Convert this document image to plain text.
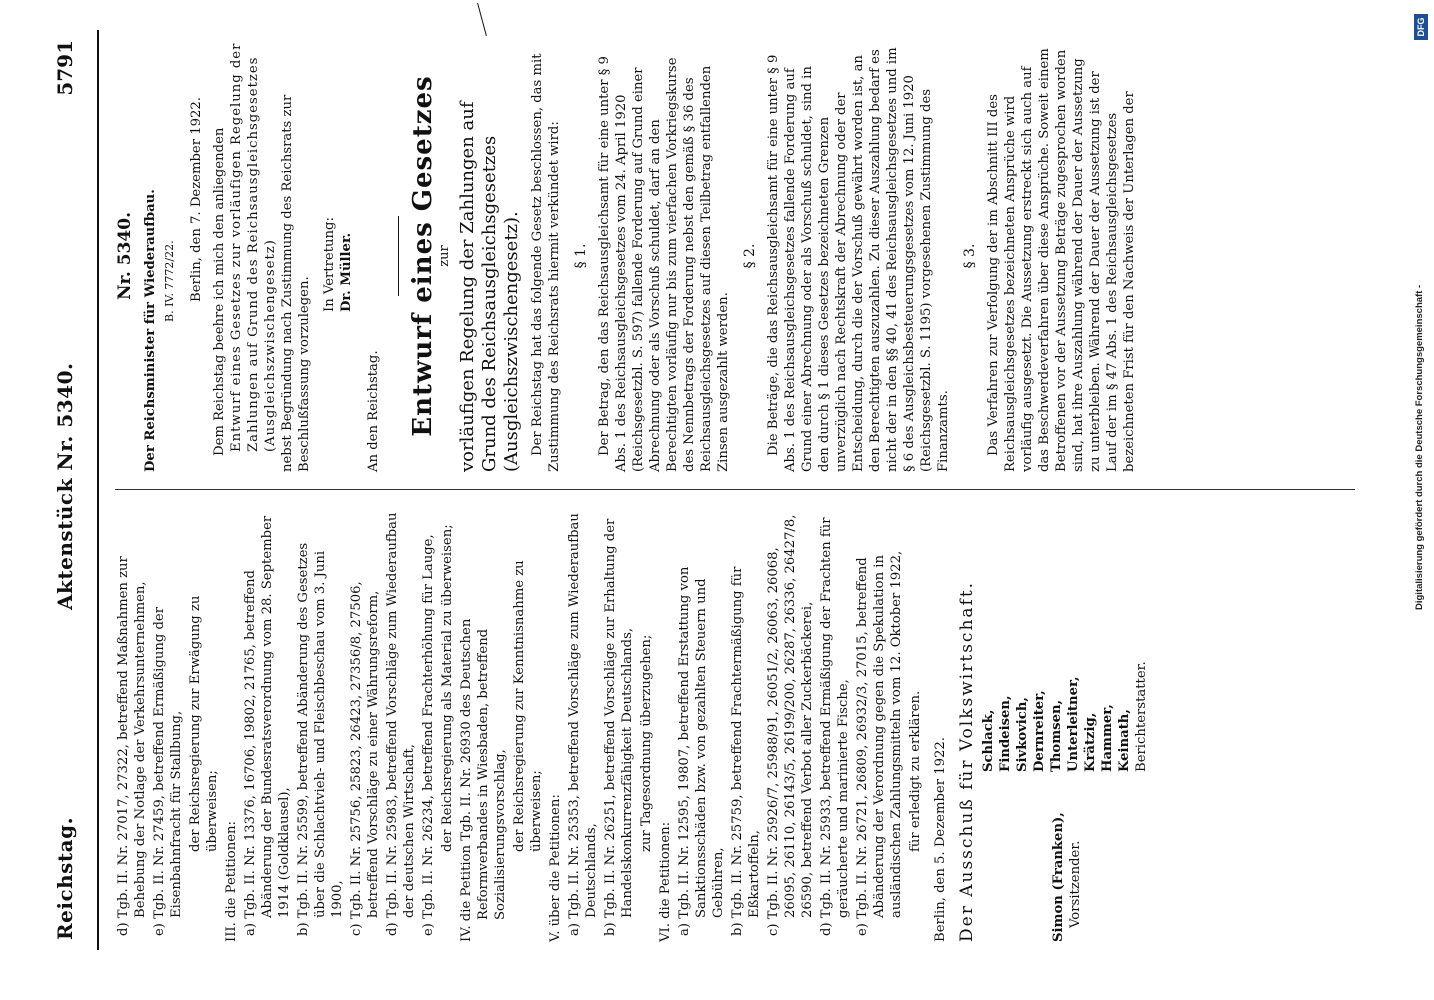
Reichstag.
Aktenstück Nr. 5340.
5791
d) Tgb. II. Nr. 27017, 27322, betreffend Maßnahmen zur Behebung der Notlage der Verkehrsunternehmen, e) Tgb. II. Nr. 27459, betreffend Ermäßigung der Eisenbahnfracht für Stallbung, der Reichsregierung zur Erwägung zu überweisen;
III. die Petitionen: a) Tgb. II. Nr. 13376, 16706, 19802, 21765, betreffend Abänderung der Bundesratsverordnung vom 28. September 1914 (Goldklausel), b) Tgb. II. Nr. 25599, betreffend Abänderung des Gesetzes über die Schlachtvieh- und Fleischbeschau vom 3. Juni 1900, c) Tgb. II. Nr. 25756, 25823, 26423, 27356/8, 27506, betreffend Vorschläge zu einer Währungsreform, d) Tgb. II. Nr. 25983, betreffend Vorschläge zum Wiederaufbau der deutschen Wirtschaft, e) Tgb. II. Nr. 26234, betreffend Frachterhöhung für Lauge, der Reichsregierung als Material zu überweisen; IV. die Petition Tgb. II. Nr. 26930 des Deutschen Reformverbandes in Wiesbaden, betreffend Sozialisierungsvorschlag, der Reichsregierung zur Kenntnisnahme zu überweisen; V. über die Petitionen: a) Tgb. II. Nr. 25353, betreffend Vorschläge zum Wiederaufbau Deutschlands, b) Tgb. II. Nr. 26251, betreffend Vorschläge zur Erhaltung der Handelskonkurrenzfähigkeit Deutschlands, zur Tagesordnung überzugehen;
VI. die Petitionen: a) Tgb. II. Nr. 12595, 19807, betreffend Erstattung von Sanktionsschäden bzw. von gezahlten Steuern und Gebühren, b) Tgb. II. Nr. 25759, betreffend Frachtermäßigung für Eßkartoffeln, c) Tgb. II. Nr. 25926/7, 25988/91, 26051/2, 26063, 26068, 26095, 26110, 26143/5, 26199/200, 26287, 26336, 26427/8, 26590, betreffend Verbot aller Zuckerbäckerei, d) Tgb. II. Nr. 25933, betreffend Ermäßigung der Frachten für geräucherte und marinierte Fische, e) Tgb. II. Nr. 26721, 26809, 26932/3, 27015, betreffend Abänderung der Verordnung gegen die Spekulation in ausländischen Zahlungsmitteln vom 12. Oktober 1922, für erledigt zu erklären. Berlin, den 5. Dezember 1922. Der Ausschuß für Volkswirtschaft.	Simon (Franken), Vorsitzender.
Schlack, Findeisen, Sivkovich, Dernreiter, Thomsen, Unterleitner, Krätzig, Hammer, Keinath, Berichterstatter.
Nr. 5340. Der Reichsminister für Wiederaufbau. B. IV. 7772/22. Berlin, den 7. Dezember 1922. Dem Reichstag beehre ich mich den anliegenden Entwurf eines Gesetzes zur vorläufigen Regelung der Zahlungen auf Grund des Reichsausgleichsgesetzes (Ausgleichszwischengesetz) nebst Begründung nach Zustimmung des Reichsrats zur Beschlußfassung vorzulegen.
In Vertretung: Dr. Müller.
An den Reichstag. Entwurf eines Gesetzes zur vorläufigen Regelung der Zahlungen auf Grund des Reichsausgleichsgesetzes (Ausgleichszwischengesetz). Der Reichstag hat das folgende Gesetz beschlossen, das mit Zustimmung des Reichsrats hiermit verkündet wird: § 1. Der Betrag, den das Reichsausgleichsamt für eine unter § 9 Abs. 1 des Reichsausgleichsgesetzes vom 24. April 1920 (Reichsgesetzbl. S. 597) fallende Forderung auf Grund einer Abrechnung oder als Vorschuß schuldet, darf an den Berechtigten vorläufig nur bis zum vierfachen Vorkriegskurse des Nennbetrags der Forderung nebst den gemäß § 36 des Reichsausgleichsgesetzes auf diesen Teilbetrag entfallenden Zinsen ausgezahlt werden.
§ 2. Die Beträge, die das Reichsausgleichsamt für eine unter § 9 Abs. 1 des Reichsausgleichsgesetzes fallende Forderung auf Grund einer Abrechnung oder als Vorschuß schuldet, sind in den durch § 1 dieses Gesetzes bezeichneten Grenzen unverzüglich nach Rechtskraft der Abrechnung oder der Entscheidung, durch die der Vorschuß gewährt worden ist, an den Berechtigten auszuzahlen. Zu dieser Auszahlung bedarf es nicht der in den §§ 40, 41 des Reichsausgleichsgesetzes und im § 6 des Ausgleichsbesteuerungsgesetzes vom 12. Juni 1920 (Reichsgesetzbl. S. 1195) vorgesehenen Zustimmung des Finanzamts.
§ 3. Das Verfahren zur Verfolgung der im Abschnitt III des Reichsausgleichsgesetzes bezeichneten Ansprüche wird vorläufig ausgesetzt. Die Aussetzung erstreckt sich auch auf das Beschwerdeverfahren über diese Ansprüche. Soweit einem Betroffenen vor der Aussetzung Beträge zugesprochen worden sind, hat ihre Auszahlung während der Dauer der Aussetzung zu unterbleiben. Während der Dauer der Aussetzung ist der Lauf der im § 47 Abs. 1 des Reichsausgleichsgesetzes bezeichneten Frist für den Nachweis der Unterlagen der	Digitalisierung gefördert durch die Deutsche Forschungsgemeinschaft -
DFG
